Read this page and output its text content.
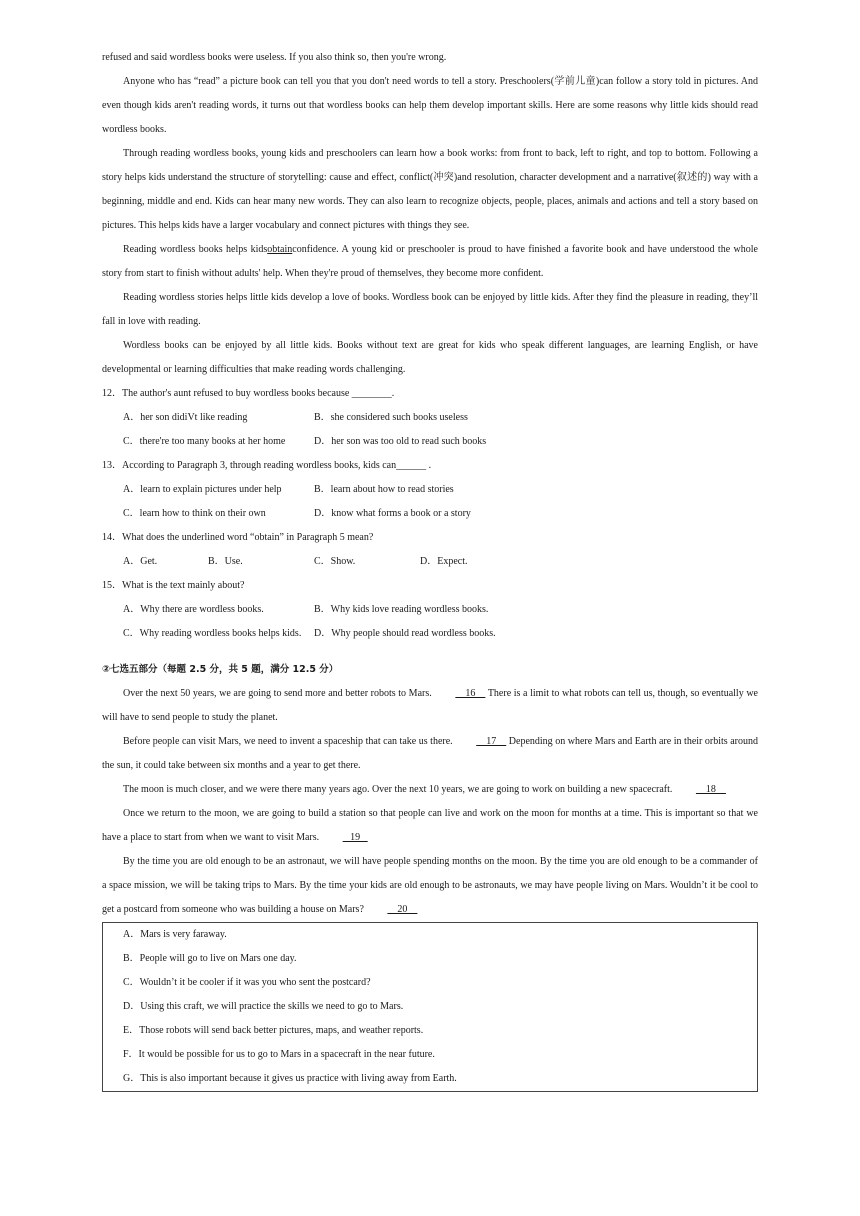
refused and said wordless books were useless. If you also think so, then you're wrong.

Anyone who has “read” a picture book can tell you that you don't need words to tell a story. Preschoolers(学前儿童)can follow a story told in pictures. And even though kids aren't reading words, it turns out that wordless books can help them develop important skills. Here are some reasons why little kids should read wordless books.

Through reading wordless books, young kids and preschoolers can learn how a book works: from front to back, left to right, and top to bottom. Following a story helps kids understand the structure of storytelling: cause and effect, conflict(冲突)and resolution, character development and a narrative(叙述的) way with a beginning, middle and end. Kids can hear many new words. They can also learn to recognize objects, people, places, animals and actions and tell a story based on pictures. This helps kids have a larger vocabulary and connect pictures with things they see.

Reading wordless books helps kidsobtainconfidence. A young kid or preschooler is proud to have finished a favorite book and have understood the whole story from start to finish without adults' help. When they're proud of themselves, they become more confident.

Reading wordless stories helps little kids develop a love of books. Wordless book can be enjoyed by little kids. After they find the pleasure in reading, they’ll fall in love with reading.

Wordless books can be enjoyed by all little kids. Books without text are great for kids who speak different languages, are learning English, or have developmental or learning difficulties that make reading words challenging.

12．The author's aunt refused to buy wordless books because ________.

A．her son didiVt like reading	B．she considered such books useless
C．there're too many books at her home	D．her son was too old to read such books

13．According to Paragraph 3, through reading wordless books, kids can______ .

A．learn to explain pictures under help	B．learn about how to read stories
C．learn how to think on their own	D．know what forms a book or a story

14．What does the underlined word “obtain” in Paragraph 5 mean?

A．Get.	B．Use.	C．Show.	D．Expect.

15．What is the text mainly about?

A．Why there are wordless books.	B．Why kids love reading wordless books.
C．Why reading wordless books helps kids. D．Why people should read wordless books.

②七选五部分（每题 2.5 分，共 5 题，满分 12.5 分）

Over the next 50 years, we are going to send more and better robots to Mars.     16     There is a limit to what robots can tell us, though, so eventually we will have to send people to study the planet.

Before people can visit Mars, we need to invent a spaceship that can take us there.     17     Depending on where Mars and Earth are in their orbits around the sun, it could take between six months and a year to get there.

The moon is much closer, and we were there many years ago. Over the next 10 years, we are going to work on building a new spacecraft.     18

Once we return to the moon, we are going to build a station so that people can live and work on the moon for months at a time. This is important so that we have a place to start from when we want to visit Mars.    19

By the time you are old enough to be an astronaut, we will have people spending months on the moon. By the time you are old enough to be a commander of a space mission, we will be taking trips to Mars. By the time your kids are old enough to be astronauts, we may have people living on Mars. Wouldn’t it be cool to get a postcard from someone who was building a house on Mars?     20

A．Mars is very faraway.
B．People will go to live on Mars one day.
C．Wouldn’t it be cooler if it was you who sent the postcard?
D．Using this craft, we will practice the skills we need to go to Mars.
E．Those robots will send back better pictures, maps, and weather reports.
F．It would be possible for us to go to Mars in a spacecraft in the near future.
G．This is also important because it gives us practice with living away from Earth.
